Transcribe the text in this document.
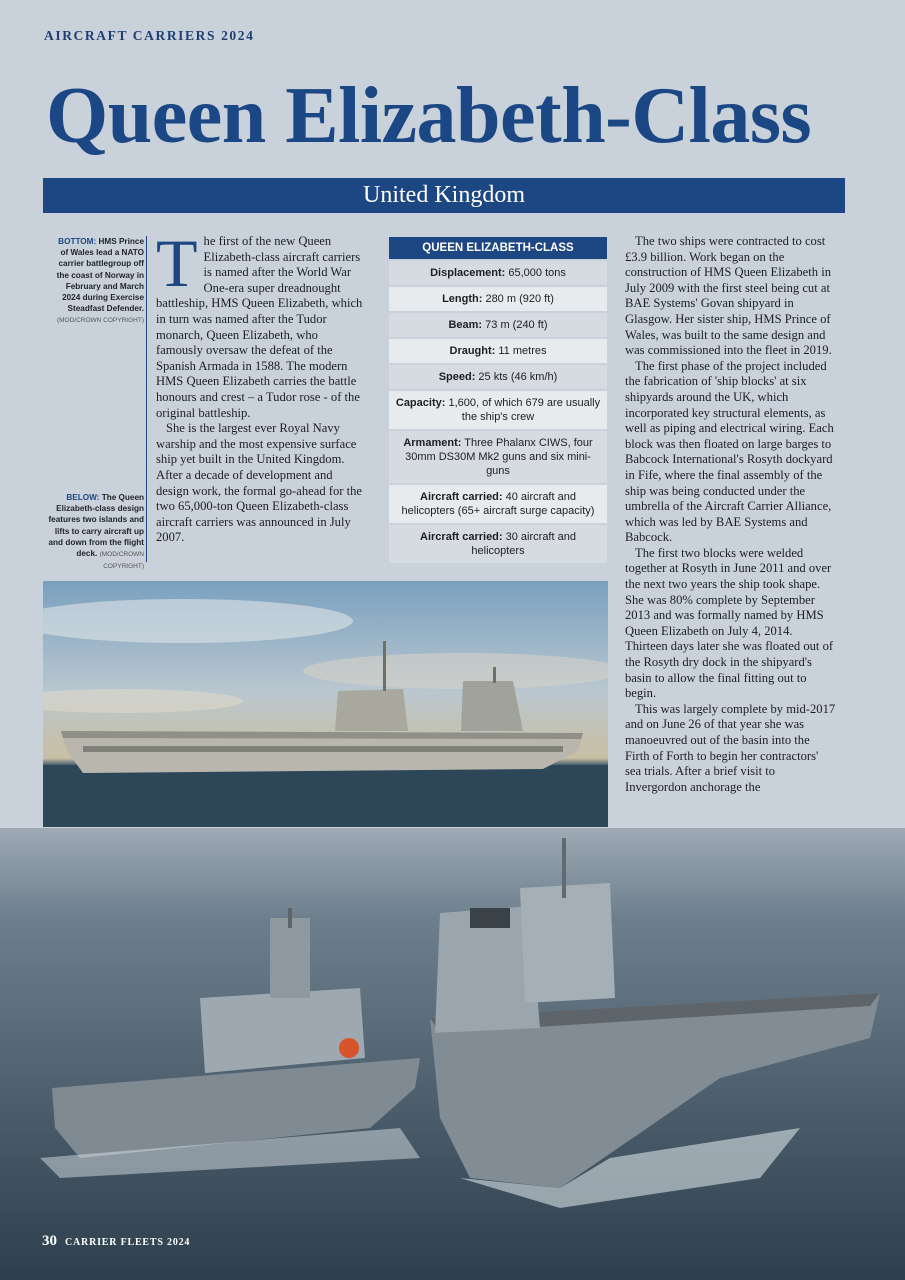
AIRCRAFT CARRIERS 2024
Queen Elizabeth-Class
United Kingdom
BOTTOM: HMS Prince of Wales lead a NATO carrier battlegroup off the coast of Norway in February and March 2024 during Exercise Steadfast Defender. (MOD/CROWN COPYRIGHT)
BELOW: The Queen Elizabeth-class design features two islands and lifts to carry aircraft up and down from the flight deck. (MOD/CROWN COPYRIGHT)

The first of the new Queen Elizabeth-class aircraft carriers is named after the World War One-era super dreadnought battleship, HMS Queen Elizabeth, which in turn was named after the Tudor monarch, Queen Elizabeth, who famously oversaw the defeat of the Spanish Armada in 1588. The modern HMS Queen Elizabeth carries the battle honours and crest – a Tudor rose - of the original battleship.

She is the largest ever Royal Navy warship and the most expensive surface ship yet built in the United Kingdom. After a decade of development and design work, the formal go-ahead for the two 65,000-ton Queen Elizabeth-class aircraft carriers was announced in July 2007.

QUEEN ELIZABETH-CLASS
Displacement: 65,000 tons
Length: 280 m (920 ft)
Beam: 73 m (240 ft)
Draught: 11 metres
Speed: 25 kts (46 km/h)
Capacity: 1,600, of which 679 are usually the ship's crew
Armament: Three Phalanx CIWS, four 30mm DS30M Mk2 guns and six mini-guns
Aircraft carried: 40 aircraft and helicopters (65+ aircraft surge capacity)
Aircraft carried: 30 aircraft and helicopters

The two ships were contracted to cost £3.9 billion. Work began on the construction of HMS Queen Elizabeth in July 2009 with the first steel being cut at BAE Systems' Govan shipyard in Glasgow. Her sister ship, HMS Prince of Wales, was built to the same design and was commissioned into the fleet in 2019.

The first phase of the project included the fabrication of 'ship blocks' at six shipyards around the UK, which incorporated key structural elements, as well as piping and electrical wiring. Each block was then floated on large barges to Babcock International's Rosyth dockyard in Fife, where the final assembly of the ship was being conducted under the umbrella of the Aircraft Carrier Alliance, which was led by BAE Systems and Babcock.

The first two blocks were welded together at Rosyth in June 2011 and over the next two years the ship took shape. She was 80% complete by September 2013 and was formally named by HMS Queen Elizabeth on July 4, 2014. Thirteen days later she was floated out of the Rosyth dry dock in the shipyard's basin to allow the final fitting out to begin.

This was largely complete by mid-2017 and on June 26 of that year she was manoeuvred out of the basin into the Firth of Forth to begin her contractors' sea trials. After a brief visit to Invergordon anchorage the

30 CARRIER FLEETS 2024
